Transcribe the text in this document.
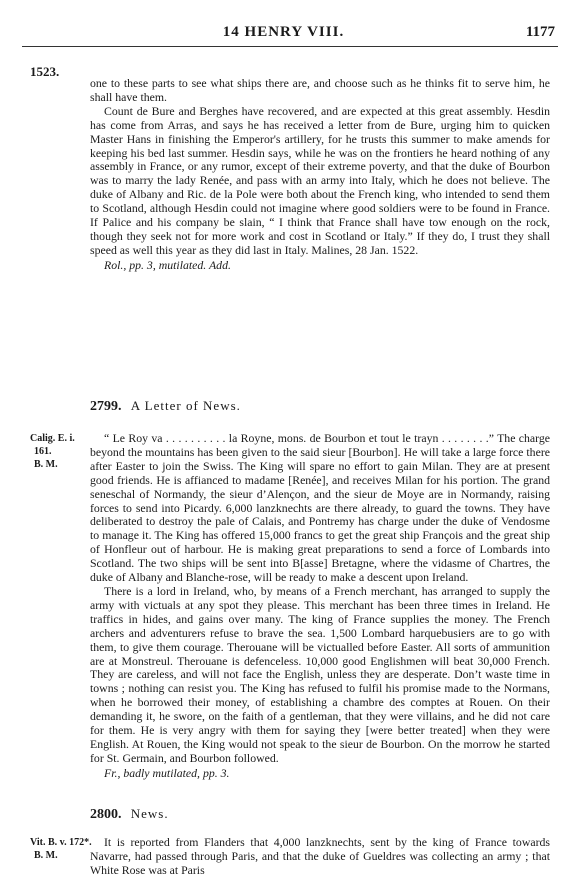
14 HENRY VIII.	1177
1523.

one to these parts to see what ships there are, and choose such as he thinks fit to serve him, he shall have them.

Count de Bure and Berghes have recovered, and are expected at this great assembly. Hesdin has come from Arras, and says he has received a letter from de Bure, urging him to quicken Master Hans in finishing the Emperor's artillery, for he trusts this summer to make amends for keeping his bed last summer. Hesdin says, while he was on the frontiers he heard nothing of any assembly in France, or any rumor, except of their extreme poverty, and that the duke of Bourbon was to marry the lady Renée, and pass with an army into Italy, which he does not believe. The duke of Albany and Ric. de la Pole were both about the French king, who intended to send them to Scotland, although Hesdin could not imagine where good soldiers were to be found in France. If Palice and his company be slain, “ I think that France shall have tow enough on the rock, though they seek not for more work and cost in Scotland or Italy.” If they do, I trust they shall speed as well this year as they did last in Italy. Malines, 28 Jan. 1522.

Rol., pp. 3, mutilated. Add.
2799. A Letter of News.
Calig. E. i.
161.
B. M.

“ Le Roy va . . . . . . . . . . la Royne, mons. de Bourbon et tout le trayn . . . . . . . .” The charge beyond the mountains has been given to the said sieur [Bourbon]. He will take a large force there after Easter to join the Swiss. The King will spare no effort to gain Milan. They are at present good friends. He is affianced to madame [Renée], and receives Milan for his portion. The grand seneschal of Normandy, the sieur d’Alençon, and the sieur de Moye are in Normandy, raising forces to send into Picardy. 6,000 lanzknechts are there already, to guard the towns. They have deliberated to destroy the pale of Calais, and Pontremy has charge under the duke of Vendosme to manage it. The King has offered 15,000 francs to get the great ship François and the great ship of Honfleur out of harbour. He is making great preparations to send a force of Lombards into Scotland. The two ships will be sent into B[asse] Bretagne, where the vidasme of Chartres, the duke of Albany and Blanche-rose, will be ready to make a descent upon Ireland.

There is a lord in Ireland, who, by means of a French merchant, has arranged to supply the army with victuals at any spot they please. This merchant has been three times in Ireland. He traffics in hides, and gains over many. The king of France supplies the money. The French archers and adventurers refuse to brave the sea. 1,500 Lombard harquebusiers are to go with them, to give them courage. Therouane will be victualled before Easter. All sorts of ammunition are at Monstreul. Therouane is defenceless. 10,000 good Englishmen will beat 30,000 French. They are careless, and will not face the English, unless they are desperate. Don’t waste time in towns ; nothing can resist you. The King has refused to fulfil his promise made to the Normans, when he borrowed their money, of establishing a chambre des comptes at Rouen. On their demanding it, he swore, on the faith of a gentleman, that they were villains, and he did not care for them. He is very angry with them for saying they [were better treated] when they were English. At Rouen, the King would not speak to the sieur de Bourbon. On the morrow he started for St. Germain, and Bourbon followed.

Fr., badly mutilated, pp. 3.
2800. News.
Vit. B. v. 172*.
B. M.

It is reported from Flanders that 4,000 lanzknechts, sent by the king of France towards Navarre, had passed through Paris, and that the duke of Gueldres was collecting an army ; that White Rose was at Paris
